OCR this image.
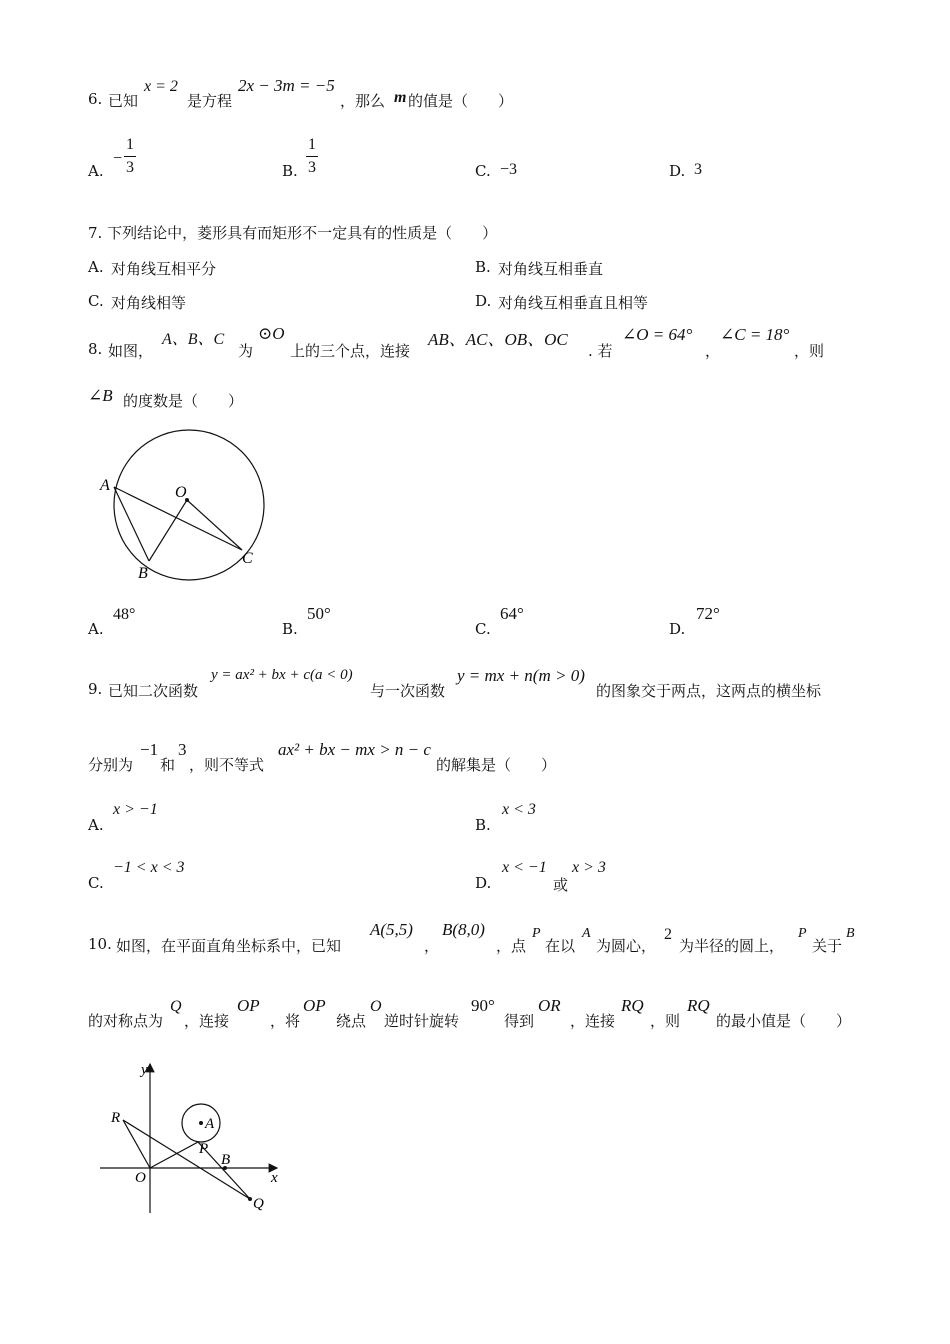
6. 已知
x = 2
是方程
2x − 3m = −5
，那么 m 的值是（　　）
A.
−
1
3	B.
1
3	C. −3	D. 3
7. 下列结论中，菱形具有而矩形不一定具有的性质是（　　）
A. 对角线互相平分	B. 对角线互相垂直
C. 对角线相等	D. 对角线互相垂直且相等
8. 如图，
A、B、C
为
⊙O
上的三个点，连接
AB、AC、OB、OC
. 若
∠O = 64°
，
∠C = 18°
，则
∠B 的度数是（　　）
A	O
B
C
A.
48°
B.
50°
C.
64°
D.
72°
9. 已知二次函数
y = ax² + bx + c(a < 0)
与一次函数
y = mx + n(m > 0)
的图象交于两点，这两点的横坐标
分别为
−1
和
3
，则不等式
ax² + bx − mx > n − c
的解集是（　　）
A.
x > −1
B.
x < 3
C.
−1 < x < 3
D.
x < −1
或
x > 3
10. 如图，在平面直角坐标系中，已知
A(5,5)
，
B(8,0)
，点
P
在以
A
为圆心，
2
为半径的圆上，
P
关于
B
的对称点为
Q
，连接
OP
，将
OP
绕点
O
逆时针旋转
90°
得到
OR
，连接
RQ
，则
RQ
的最小值是（　　）
y
x
R	A
P
B
O
Q
